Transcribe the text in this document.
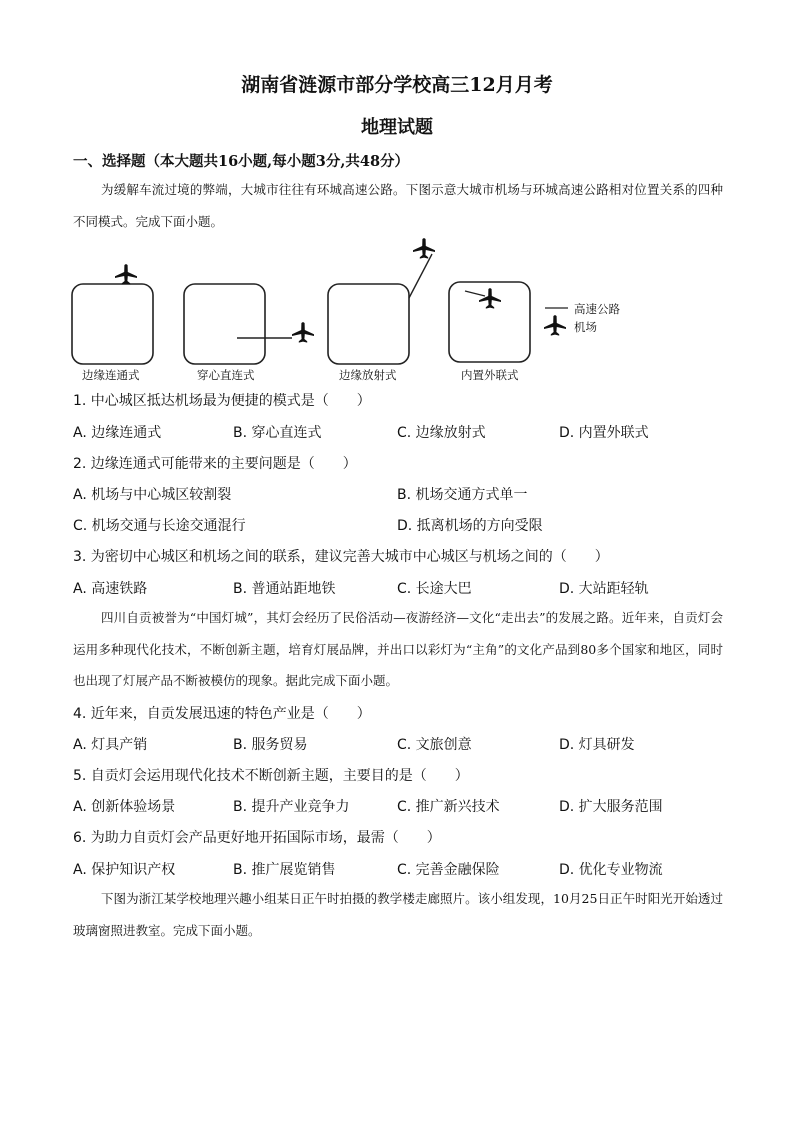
湖南省涟源市部分学校高三12月月考
地理试题
一、选择题（本大题共16小题,每小题3分,共48分）
为缓解车流过境的弊端，大城市往往有环城高速公路。下图示意大城市机场与环城高速公路相对位置关系的四种不同模式。完成下面小题。
边缘连通式	穿心直连式	边缘放射式	内置外联式
高速公路
机场
1. 中心城区抵达机场最为便捷的模式是（　　）
A. 边缘连通式	B. 穿心直连式	C. 边缘放射式	D. 内置外联式
2. 边缘连通式可能带来的主要问题是（　　）
A. 机场与中心城区较割裂	B. 机场交通方式单一
C. 机场交通与长途交通混行	D. 抵离机场的方向受限
3. 为密切中心城区和机场之间的联系，建议完善大城市中心城区与机场之间的（　　）
A. 高速铁路	B. 普通站距地铁	C. 长途大巴	D. 大站距轻轨
四川自贡被誉为“中国灯城”，其灯会经历了民俗活动—夜游经济—文化“走出去”的发展之路。近年来，自贡灯会运用多种现代化技术，不断创新主题，培育灯展品牌，并出口以彩灯为“主角”的文化产品到80多个国家和地区，同时也出现了灯展产品不断被模仿的现象。据此完成下面小题。
4. 近年来，自贡发展迅速的特色产业是（　　）
A. 灯具产销	B. 服务贸易	C. 文旅创意	D. 灯具研发
5. 自贡灯会运用现代化技术不断创新主题，主要目的是（　　）
A. 创新体验场景	B. 提升产业竞争力	C. 推广新兴技术	D. 扩大服务范围
6. 为助力自贡灯会产品更好地开拓国际市场，最需（　　）
A. 保护知识产权	B. 推广展览销售	C. 完善金融保险	D. 优化专业物流
下图为浙江某学校地理兴趣小组某日正午时拍摄的教学楼走廊照片。该小组发现，10月25日正午时阳光开始透过玻璃窗照进教室。完成下面小题。
